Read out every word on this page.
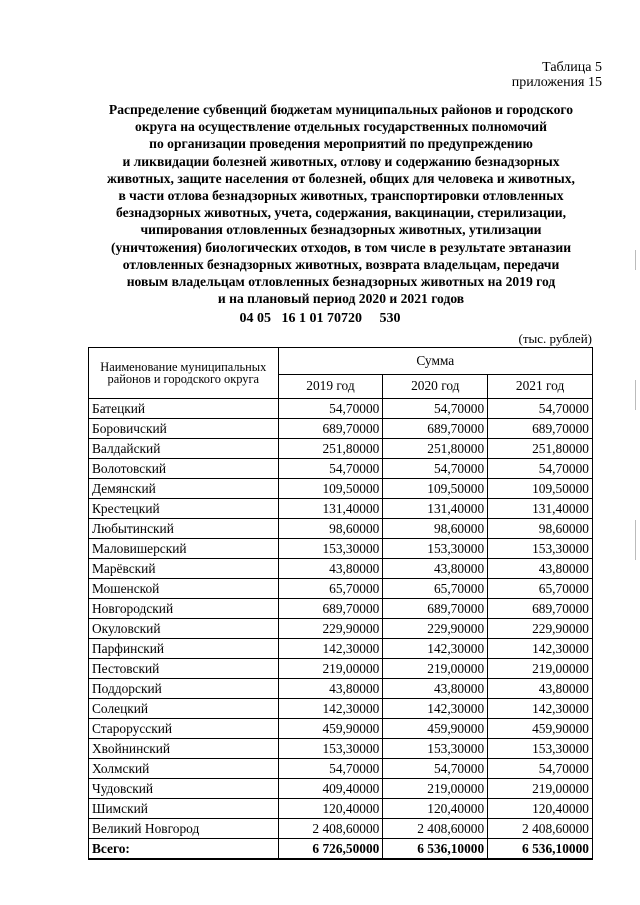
Таблица 5
приложения 15
Распределение субвенций бюджетам муниципальных районов и городского
округа на осуществление отдельных государственных полномочий
по организации проведения мероприятий по предупреждению
и ликвидации болезней животных, отлову и содержанию безнадзорных
животных, защите населения от болезней, общих для человека и животных,
в части отлова безнадзорных животных, транспортировки отловленных
безнадзорных животных, учета, содержания, вакцинации, стерилизации,
чипирования отловленных безнадзорных животных, утилизации
(уничтожения) биологических отходов, в том числе в результате эвтаназии
отловленных безнадзорных животных, возврата владельцам, передачи
новым владельцам отловленных безнадзорных животных на 2019 год
и на плановый период 2020 и 2021 годов
04 05   16 1 01 70720     530
(тыс. рублей)
Наименование муниципальных районов и городского округа	Сумма		
	2019 год	2020 год	2021 год
Батецкий	54,70000	54,70000	54,70000
Боровичский	689,70000	689,70000	689,70000
Валдайский	251,80000	251,80000	251,80000
Волотовский	54,70000	54,70000	54,70000
Демянский	109,50000	109,50000	109,50000
Крестецкий	131,40000	131,40000	131,40000
Любытинский	98,60000	98,60000	98,60000
Маловишерский	153,30000	153,30000	153,30000
Марёвский	43,80000	43,80000	43,80000
Мошенской	65,70000	65,70000	65,70000
Новгородский	689,70000	689,70000	689,70000
Окуловский	229,90000	229,90000	229,90000
Парфинский	142,30000	142,30000	142,30000
Пестовский	219,00000	219,00000	219,00000
Поддорский	43,80000	43,80000	43,80000
Солецкий	142,30000	142,30000	142,30000
Старорусский	459,90000	459,90000	459,90000
Хвойнинский	153,30000	153,30000	153,30000
Холмский	54,70000	54,70000	54,70000
Чудовский	409,40000	219,00000	219,00000
Шимский	120,40000	120,40000	120,40000
Великий Новгород	2 408,60000	2 408,60000	2 408,60000
Всего:	6 726,50000	6 536,10000	6 536,10000
